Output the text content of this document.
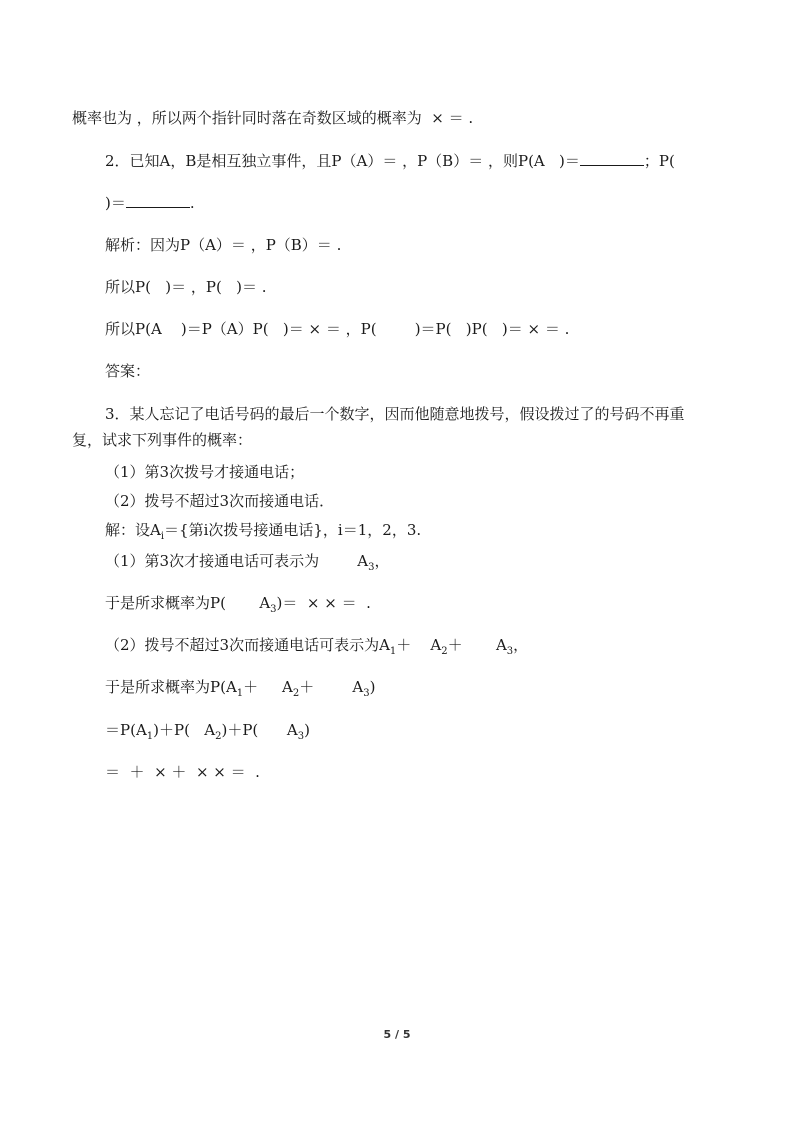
概率也为 ，所以两个指针同时落在奇数区域的概率为  × ＝ .
2．已知A，B是相互独立事件，且P（A）＝ ，P（B）＝ ，则P(A   )＝	；P(
)＝	.
解析：因为P（A）＝ ，P（B）＝ .
所以P(   )＝ ，P(   )＝ .
所以P(A    )＝P（A）P(   )＝ × ＝ ，P(        )＝P(   )P(   )＝ × ＝ .
答案：
3．某人忘记了电话号码的最后一个数字，因而他随意地拨号，假设拨过了的号码不再重
复，试求下列事件的概率：
（1）第3次拨号才接通电话；
（2）拨号不超过3次而接通电话．
解：设$A_i=${第i次拨号接通电话}，i＝1，2，3.
（1）第3次才接通电话可表示为        $A_3$，
于是所求概率为P(       $A_3)=$  × × ＝  .
（2）拨号不超过3次而接通电话可表示为$A_1+$    $A_2+$       $A_3$，
于是所求概率为$P(A_1+$     $A_2+$        $A_3$)
$=P(A_1)+P$(   $A_2)+P$(      $A_3$)
＝  ＋  × ＋  × × ＝  .
5 / 5
